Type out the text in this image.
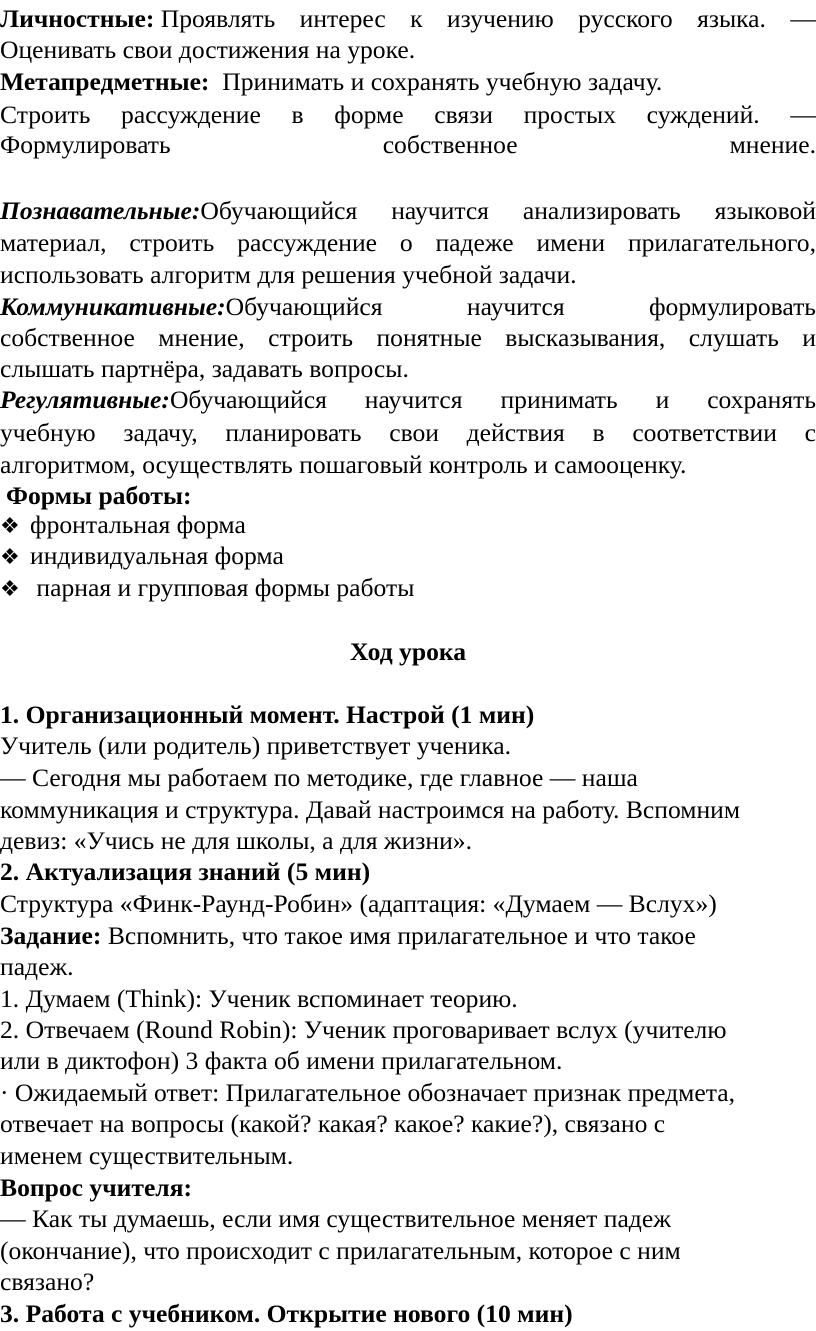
Личностные: Проявлять интерес к изучению русского языка. —
Оценивать свои достижения на уроке.
Метапредметные: Принимать и сохранять учебную задачу.
Строить рассуждение в форме связи простых суждений. —
Формулировать	собственное	мнение.
Познавательные:Обучающийся научится анализировать языковой
материал, строить рассуждение о падеже имени прилагательного,
использовать алгоритм для решения учебной задачи.
Коммуникативные:Обучающийся	научится	формулировать
собственное мнение, строить понятные высказывания, слушать и
слышать партнёра, задавать вопросы.
Регулятивные:Обучающийся научится принимать и сохранять
учебную задачу, планировать свои действия в соответствии с
алгоритмом, осуществлять пошаговый контроль и самооценку.
Формы работы:
❖ фронтальная форма
❖ индивидуальная форма
❖ парная и групповая формы работы
Ход урока
1. Организационный момент. Настрой (1 мин)
Учитель (или родитель) приветствует ученика.
— Сегодня мы работаем по методике, где главное — наша
коммуникация и структура. Давай настроимся на работу. Вспомним
девиз: «Учись не для школы, а для жизни».
2. Актуализация знаний (5 мин)
Структура «Финк-Раунд-Робин» (адаптация: «Думаем — Вслух»)
Задание: Вспомнить, что такое имя прилагательное и что такое
падеж.
1. Думаем (Think): Ученик вспоминает теорию.
2. Отвечаем (Round Robin): Ученик проговаривает вслух (учителю
или в диктофон) 3 факта об имени прилагательном.
· Ожидаемый ответ: Прилагательное обозначает признак предмета,
отвечает на вопросы (какой? какая? какое? какие?), связано с
именем существительным.
Вопрос учителя:
— Как ты думаешь, если имя существительное меняет падеж
(окончание), что происходит с прилагательным, которое с ним
связано?
3. Работа с учебником. Открытие нового (10 мин)
